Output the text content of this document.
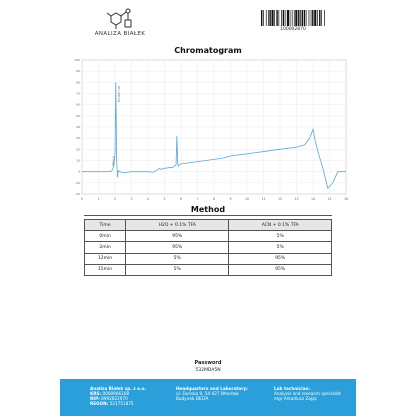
ANALIZA BIAŁEK
100002870
Chromatogram
0	1	2	3	4	5	6	7	8	9	10	11	12	13	14	15	16
-20
-10
0
10
20
30
40
50
60
70
80
90
100
RT 1.000 min
RT 0.900
Method
Time	H2O + 0.1% TFA	ACN + 0.1% TFA
0min	95%	5%
2min	95%	5%
12min	5%	95%
15min	5%	95%
Password
532MDA5N
Analiza Białek sp. z o.o.
KRS: 0000966168
NIP: 8992822970
REGON: 521751875
Headquarters and Laboratory:
ul. Duńska 9, 54-427 Wrocław
Budynek DELTA
Lab technician:
Analysis and research specialist
mgr Arkadiusz Zając
